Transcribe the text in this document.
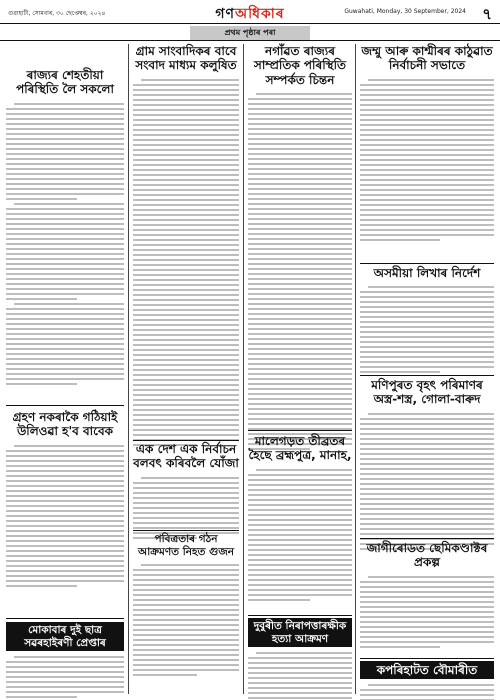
গুৱাহাটী, সোমবাৰ, ৩০ ছেপ্তেম্বৰ, ২০২৪	গণঅধিকাৰ	Guwahati, Monday, 30 September, 2024 ৭
প্ৰথম পৃষ্ঠাৰ পৰা
ৰাজ্যৰ শেহতীয়া পৰিস্থিতি লৈ সকলো
গ্ৰহণ নকৰাকৈ গঠিয়াই উলিওৱা হ'ব বাবেক
মোকাবাৰ দুই ছাত্ৰ সৱৰহাইৰণী প্ৰেপ্তাৰ
গ্ৰাম সাংবাদিকৰ বাবে সংবাদ মাধ্যম কলুষিত
এক দেশ এক নিৰ্বাচন বলবৎ কৰিবলৈ যোঁজা
পবিত্ৰতাৰ গঠন আক্ৰমণত নিহত গুজন
নগাঁৱত ৰাজ্যৰ সাম্প্ৰতিক পৰিস্থিতি সম্পৰ্কত চিন্তন
মালেগড়ত তীব্ৰতৰ হৈছে ব্ৰহ্মপুত্ৰ, মানাহ,
দুবুৰীত নিৰাপত্তাৰক্ষীক হত্যা আক্ৰমণ
জম্মু আৰু কাশ্মীৰৰ কাঠুৱাত নিৰ্বাচনী সভাতে
অসমীয়া লিখাৰ নিৰ্দেশ
মণিপুৰত বৃহৎ পৰিমাণৰ অস্ত্ৰ-শস্ত্ৰ, গোলা-বাৰুদ
জাগীৰোডত ছেমিকণ্ডাক্টৰ প্ৰকল্প
কপৰিহাটত বৌমাৰীত
